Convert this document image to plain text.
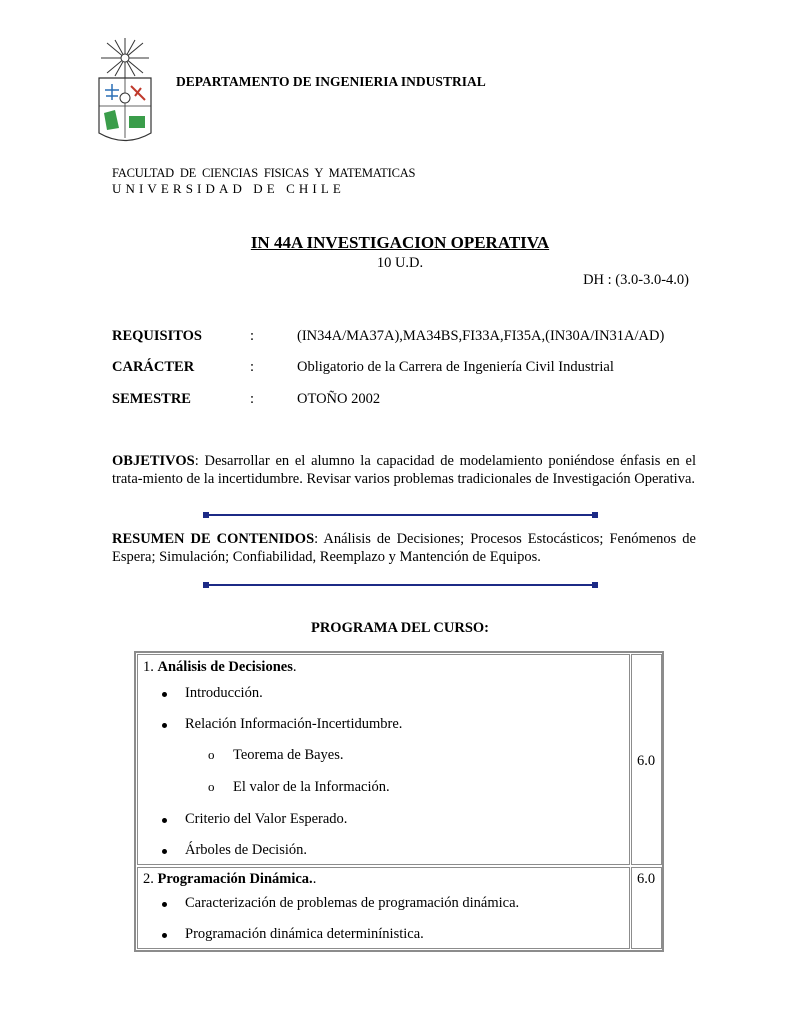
DEPARTAMENTO DE INGENIERIA INDUSTRIAL
FACULTAD  DE  CIENCIAS  FISICAS  Y  MATEMATICAS
UNIVERSIDAD DE CHILE
IN 44A INVESTIGACION OPERATIVA
10 U.D.
DH : (3.0-3.0-4.0)
REQUISITOS	:	(IN34A/MA37A),MA34BS,FI33A,FI35A,(IN30A/IN31A/AD)
CARÁCTER	:	Obligatorio de la Carrera de Ingeniería Civil Industrial
SEMESTRE	:	OTOÑO 2002
OBJETIVOS: Desarrollar en el alumno la capacidad de modelamiento poniéndose énfasis en el trata-miento de la incertidumbre. Revisar varios problemas tradicionales de Investigación Operativa.
RESUMEN DE CONTENIDOS: Análisis de Decisiones; Procesos Estocásticos; Fenómenos de Espera; Simulación; Confiabilidad, Reemplazo y Mantención de Equipos.
PROGRAMA DEL CURSO:
1. Análisis de Decisiones.
Introducción.
Relación Información-Incertidumbre.
o Teorema de Bayes.
o El valor de la Información.
Criterio del Valor Esperado.
Árboles de Decisión.
6.0
2. Programación Dinámica..
Caracterización de problemas de programación dinámica.
Programación dinámica determinínistica.
6.0
